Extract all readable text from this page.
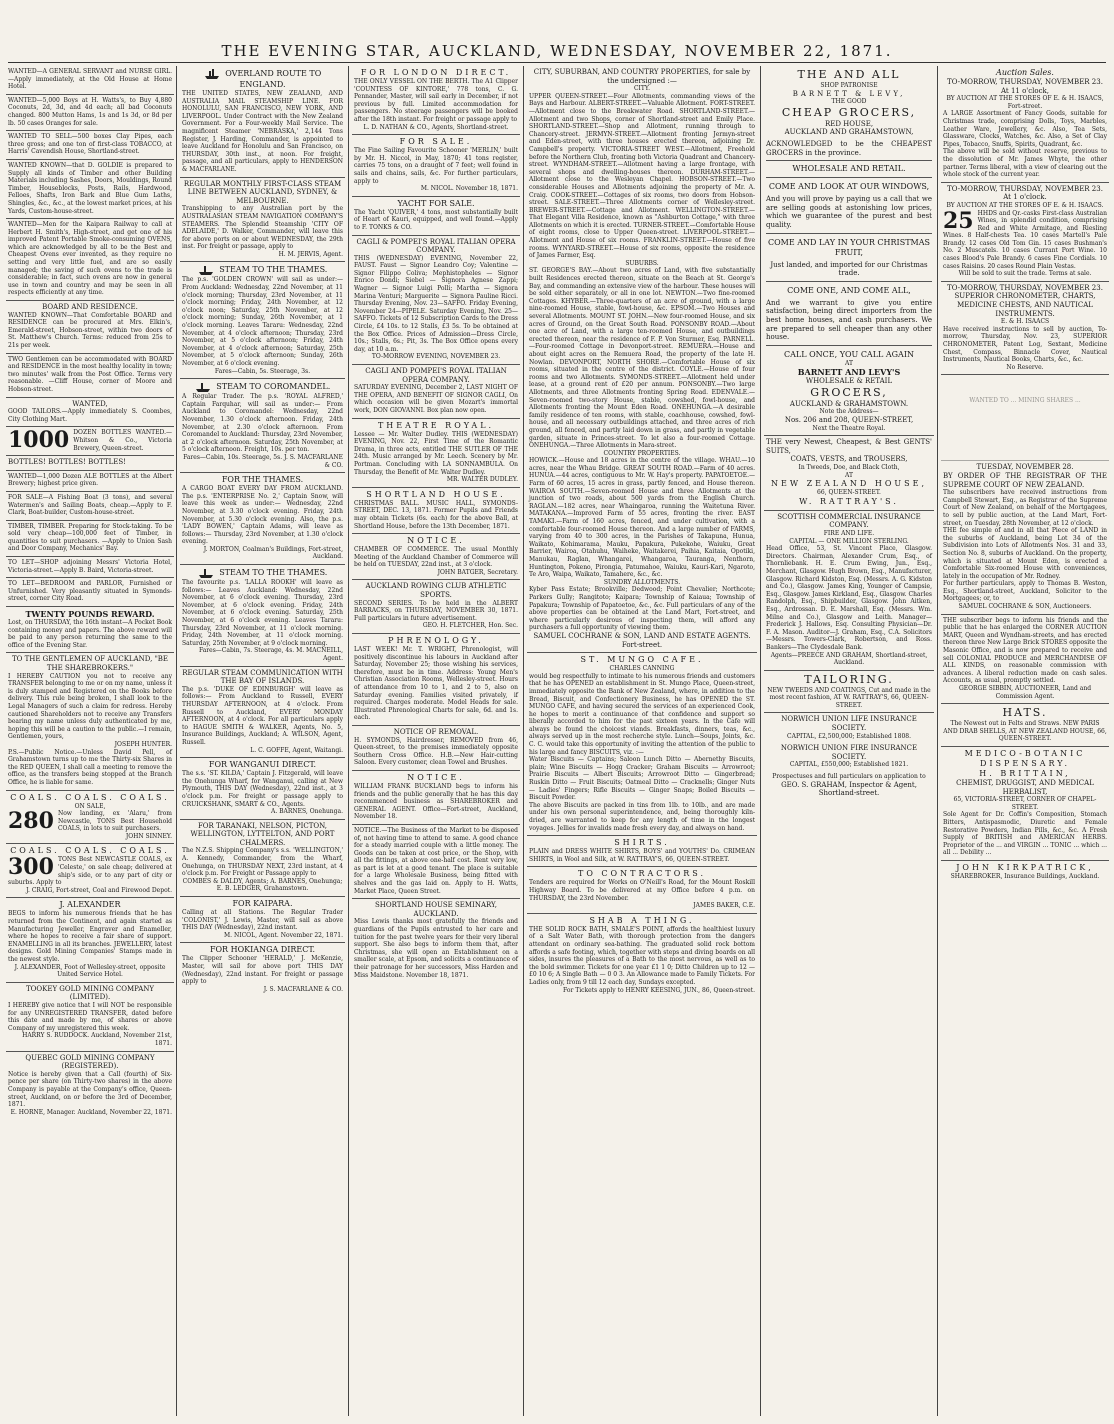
THE EVENING STAR, AUCKLAND, WEDNESDAY, NOVEMBER 22, 1871.
WANTED—A GENERAL SERVANT and NURSE GIRL.—Apply immediately, at the Old House at Home Hotel.
WANTED—5,000 Boys at H. Watts's, to Buy 4,880 Coconuts, 2d, 3d, and 4d each; all bad Coconuts changed. 800 Mutton Hams, 1s and 1s 3d, or 8d per lb. 50 cases Oranges for sale.
WANTED TO SELL—500 boxes Clay Pipes, each three gross; and one ton of first-class TOBACCO, at Harris' Cavendish House, Shortland-street.
WANTED KNOWN—that D. GOLDIE is prepared to Supply all kinds of Timber and other Building Materials including Sashes, Doors, Mouldings, Round Timber, Houseblocks, Posts, Rails, Hardwood, Felloes, Shafts, Iron Bark and Blue Gum Laths, Shingles, &c., &c., at the lowest market prices, at his Yards, Custom-house-street.
WANTED—Men for the Kaipara Railway to call at Herbert H. Smith's, High-street, and get one of his improved Patent Portable Smoke-consuming OVENS, which are acknowledged by all to be the Best and Cheapest Ovens ever invented, as they require no setting and very little fuel, and are so easily managed; the saving of such ovens to the trade is considerable; in fact, such ovens are now in general use in town and country and may be seen in all respects efficiently at any time.
BOARD AND RESIDENCE.
WANTED KNOWN—That Comfortable BOARD and RESIDENCE can be procured at Mrs. Elkin's, Emerald-street, Hobson-street, within two doors of St. Matthew's Church. Terms: reduced from 25s to 21s per week.
TWO Gentlemen can be accommodated with BOARD and RESIDENCE in the most healthy locality in town; two minutes' walk from the Post Office. Terms very reasonable. —Cliff House, corner of Moore and Hobson-street.
WANTED,
GOOD TAILORS.—Apply immediately S. Coombes, City Clothing Mart.
1000 DOZEN BOTTLES WANTED.—Whitson & Co., Victoria Brewery, Queen-street.
BOTTLES! BOTTLES! BOTTLES!
WANTED—1,000 Dozen ALE BOTTLES at the Albert Brewery; highest price given.
FOR SALE—A Fishing Boat (3 tons), and several Watermen's and Sailing Boats, cheap.—Apply to F. Clark, Boat-builder, Custom-house-street.
TIMBER, TIMBER. Preparing for Stock-taking. To be sold very cheap—100,000 feet of Timber, in quantities to suit purchasers. —Apply to Union Sash and Door Company, Mechanics' Bay.
TO LET—SHOP adjoining Messrs' Victoria Hotel, Victoria-street.—Apply B. Baird, Victoria-street.
TO LET—BEDROOM and PARLOR, Furnished or Unfurnished. Very pleasantly situated in Symonds-street, corner City Road.
TWENTY POUNDS REWARD.
Lost, on THURSDAY, the 16th instant—A Pocket Book containing money and papers. The above reward will be paid to any person returning the same to the office of the Evening Star.
TO THE GENTLEMEN OF AUCKLAND, "BE THE SHAREBROKERS."
I HEREBY CAUTION you not to receive any TRANSFER belonging to me or on my name, unless it is duly stamped and Registered on the Books before delivery. This rule being broken, I shall look to the Legal Managers of such a claim for redress. Hereby cautioned Shareholders not to receive any Transfers bearing my name unless duly authenticated by me, hoping this will be a caution to the public.—I remain, Gentlemen, yours,
JOSEPH HUNTER.
P.S.—Public Notice.—Unless David Pell, of Grahamstown turns up to me the Thirty-six Shares in the RED QUEEN, I shall call a meeting to remove the office, as the transfers being stopped at the Branch Office, he is liable for same.
COALS. COALS. COALS.
ON SALE,
280 Now landing, ex 'Alaru,' from Newcastle, TONS Best Household COALS, in lots to suit purchasers.
JOHN SINNEY.
COALS. COALS. COALS.
300 TONS Best NEWCASTLE COALS, ex 'Celeste,' on sale cheap; delivered at ship's side, or to any part of city or suburbs. Apply to
J. CRAIG, Fort-street, Coal and Firewood Depot.
J. ALEXANDER
BEGS to inform his numerous friends that he has returned from the Continent, and again started as Manufacturing Jeweller, Engraver and Enameller, where he hopes to receive a fair share of support. ENAMELLING in all its branches. JEWELLERY, latest designs. Gold Mining Companies' Stamps made in the newest style.
J. ALEXANDER, Foot of Wellesley-street, opposite United Service Hotel.
TOOKEY GOLD MINING COMPANY (LIMITED).
I HEREBY give notice that I will NOT be responsible for any UNREGISTERED TRANSFER, dated before this date and made by me, of shares or above Company of my unregistered this week.
HARRY S. RUDDOCK. Auckland, November 21st, 1871.
QUEBEC GOLD MINING COMPANY (REGISTERED).
Notice is hereby given that a Call (fourth) of Six-pence per share (on Thirty-two shares) in the above Company is payable at the Company's office, Queen-street, Auckland, on or before the 3rd of December, 1871.
E. HORNE, Manager. Auckland, November 22, 1871.
OVERLAND ROUTE TO ENGLAND.
THE UNITED STATES, NEW ZEALAND, AND AUSTRALIA MAIL STEAMSHIP LINE. FOR HONOLULU, SAN FRANCISCO, NEW YORK, AND LIVERPOOL. Under Contract with the New Zealand Government. For a Four-weekly Mail Service. The magnificent Steamer 'NEBRASKA,' 2,144 Tons Register, J. Harding, Commander, is appointed to leave Auckland for Honolulu and San Francisco, on THURSDAY, 30th inst., at noon. For freight, passage, and all particulars, apply to HENDERSON & MACFARLANE.
REGULAR MONTHLY FIRST-CLASS STEAM LINE BETWEEN AUCKLAND, SYDNEY, & MELBOURNE.
Transhipping to any Australian port by the AUSTRALASIAN STEAM NAVIGATION COMPANY'S STEAMERS. The Splendid Steamship 'CITY OF ADELAIDE,' D. Walker, Commander, will leave this for above ports on or about WEDNESDAY, the 29th inst. For freight or passage, apply to
H. M. JERVIS, Agent.
STEAM TO THE THAMES.
The p.s. 'GOLDEN CROWN' will sail as under:— From Auckland: Wednesday, 22nd November, at 11 o'clock morning; Thursday, 23rd November, at 11 o'clock morning; Friday, 24th November, at 12 o'clock noon; Saturday, 25th November, at 12 o'clock morning; Sunday, 26th November, at 1 o'clock morning. Leaves Tararu: Wednesday, 22nd November, at 4 o'clock afternoon; Thursday, 23rd November, at 5 o'clock afternoon; Friday, 24th November, at 4 o'clock afternoon; Saturday, 25th November, at 5 o'clock afternoon; Sunday, 26th November, at 6 o'clock evening.
Fares—Cabin, 5s. Steerage, 3s.
STEAM TO COROMANDEL.
A Regular Trader. The p.s. 'ROYAL ALFRED,' Captain Farquhar, will sail as under:— From Auckland to Coromandel: Wednesday, 22nd November, 1.30 o'clock afternoon. Friday, 24th November, at 2.30 o'clock afternoon. From Coromandel to Auckland: Thursday, 23rd November, at 2 o'clock afternoon. Saturday, 25th November, at 5 o'clock afternoon. Freight, 10s. per ton.
Fares—Cabin, 10s. Steerage, 5s. J. S. MACFARLANE & CO.
FOR THE THAMES.
A CARGO BOAT EVERY DAY FROM AUCKLAND. The p.s. 'ENTERPRISE No. 2,' Captain Snow, will leave this week as under:— Wednesday, 22nd November, at 3.30 o'clock evening. Friday, 24th November, at 5.30 o'clock evening. Also, the p.s. 'LADY BOWEN,' Captain Adams, will leave as follows:— Thursday, 23rd November, at 1.30 o'clock evening.
J. MORTON, Coalman's Buildings, Fort-street, Auckland.
STEAM TO THE THAMES.
The favourite p.s. 'LALLA ROOKH' will leave as follows:— Leaves Auckland: Wednesday, 22nd November, at 6 o'clock evening. Thursday, 23rd November, at 6 o'clock evening. Friday, 24th November, at 6 o'clock evening. Saturday, 25th November, at 6 o'clock evening. Leaves Tararu: Thursday, 23rd November, at 11 o'clock morning. Friday, 24th November, at 11 o'clock morning. Saturday, 25th November, at 9 o'clock morning.
Fares—Cabin, 7s. Steerage, 4s. M. MACNEILL, Agent.
REGULAR STEAM COMMUNICATION WITH THE BAY OF ISLANDS.
The p.s. 'DUKE OF EDINBURGH' will leave as follows:— From Auckland to Russell, EVERY THURSDAY AFTERNOON, at 4 o'clock. From Russell to Auckland, EVERY MONDAY AFTERNOON, at 4 o'clock. For all particulars apply to HAGUE SMITH & WALKER, Agents, No. 5, Insurance Buildings, Auckland; A. WILSON, Agent, Russell.
L. C. GOFFE, Agent, Waitangi.
FOR WANGANUI DIRECT.
The s.s. 'ST. KILDA,' Captain J. Fitzgerald, will leave the Onehunga Wharf, for Wanganui, calling at New Plymouth, THIS DAY (Wednesday), 22nd inst., at 3 o'clock p.m. For freight or passage apply to CRUICKSHANK, SMART & CO., Agents.
A. BARNES, Onehunga.
FOR TARANAKI, NELSON, PICTON, WELLINGTON, LYTTELTON, AND PORT CHALMERS.
The N.Z.S. Shipping Company's s.s. 'WELLINGTON,' A. Kennedy, Commander, from the Wharf, Onehunga, on THURSDAY NEXT, 23rd instant, at 4 o'clock p.m. For Freight or Passage apply to
COMBES & DALDY, Agents; A. BARNES, Onehunga; E. B. LEDGER, Grahamstown.
FOR KAIPARA.
Calling at all Stations. The Regular Trader 'COLONIST,' J. Lewis, Master, will sail as above THIS DAY (Wednesday), 22nd instant.
M. NICOL, Agent. November 22, 1871.
FOR HOKIANGA DIRECT.
The Clipper Schooner 'HERALD,' J. McKenzie, Master, will sail for above port THIS DAY (Wednesday), 22nd instant. For freight or passage apply to
J. S. MACFARLANE & CO.
FOR LONDON DIRECT.
THE ONLY VESSEL ON THE BERTH. The A1 Clipper 'COUNTESS OF KINTORE,' 778 tons, C. G. Pennander, Master, will sail early in December, if not previous by full. Limited accommodation for passengers. No steerage passengers will be booked after the 18th instant. For freight or passage apply to
L. D. NATHAN & CO., Agents, Shortland-street.
FOR SALE.
The Fine Sailing Favourite Schooner 'MERLIN,' built by Mr. H. Niccol, in May, 1870; 41 tons register, carries 75 tons, on a draught of 7 feet; well found in sails and chains, sails, &c. For further particulars, apply to
M. NICOL. November 18, 1871.
YACHT FOR SALE.
The Yacht 'QUIVER,' 4 tons, most substantially built of Heart of Kauri, equipped, and well found.—Apply to F. TONKS & CO.
CAGLI & POMPEI'S ROYAL ITALIAN OPERA COMPANY.
THIS (WEDNESDAY) EVENING, November 22, FAUST. Faust — Signor Leandro Coy; Valentine — Signor Filippo Coliva; Mephistopheles — Signor Enrico Dondi; Siebel — Signora Agnese Zappi; Wagner — Signor Luigi Polli; Martha — Signora Marina Venturi; Marguerite — Signora Pauline Ricci. Thursday Evening, Nov. 23—SAFFO. Friday Evening, November 24—PIPELE. Saturday Evening, Nov. 25—SAFFO. Tickets of 12 Subscription Cards to the Dress Circle, £4 10s. to 12 Stalls, £3 5s. To be obtained at the Box Office. Prices of Admission—Dress Circle, 10s.; Stalls, 6s.; Pit, 3s. The Box Office opens every day, at 10 a.m.
TO-MORROW EVENING, NOVEMBER 23.
CAGLI AND POMPEI'S ROYAL ITALIAN OPERA COMPANY.
SATURDAY EVENING, December 2, LAST NIGHT OF THE OPERA, AND BENEFIT OF SIGNOR CAGLI, On which occasion will be given Mozart's immortal work, DON GIOVANNI. Box plan now open.
THEATRE ROYAL.
Lessee — Mr. Walter Dudley. THIS (WEDNESDAY) EVENING, Nov. 22, First Time of the Romantic Drama, in three acts, entitled THE SUTLER OF THE 24th. Music arranged by Mr. Leech. Scenery by Mr. Portman. Concluding with LA SONNAMBULA. On Thursday, the Benefit of Mr. Walter Dudley.
MR. WALTER DUDLEY.
SHORTLAND HOUSE.
CHRISTMAS BALL. MUSIC HALL, SYMONDS-STREET, DEC. 13, 1871. Former Pupils and Friends may obtain Tickets (6s. each) for the above Ball, at Shortland House, before the 13th December, 1871.
NOTICE.
CHAMBER OF COMMERCE. The usual Monthly Meeting of the Auckland Chamber of Commerce will be held on TUESDAY, 22nd inst., at 3 o'clock.
JOHN BATGER, Secretary.
AUCKLAND ROWING CLUB ATHLETIC SPORTS.
SECOND SERIES. To be held in the ALBERT BARRACKS, on THURSDAY, NOVEMBER 30, 1871. Full particulars in future advertisement.
GEO. H. FLETCHER, Hon. Sec.
PHRENOLOGY.
LAST WEEK! Mr. T. WRIGHT, Phrenologist, will positively discontinue his labours in Auckland after Saturday, November 25; those wishing his services, therefore, must be in time. Address: Young Men's Christian Association Rooms, Wellesley-street. Hours of attendance from 10 to 1, and 2 to 5, also on Saturday evening. Families visited privately, if required. Charges moderate. Model Heads for sale. Illustrated Phrenological Charts for sale, 6d. and 1s. each.
NOTICE OF REMOVAL.
H. SYMONDS, Hairdresser, REMOVED from 46, Queen-street, to the premises immediately opposite Southern Cross Office. H.B.—New Hair-cutting Saloon. Every customer, clean Towel and Brushes.
NOTICE.
WILLIAM FRANK BUCKLAND begs to inform his friends and the public generally that he has this day recommenced business as SHAREBROKER and GENERAL AGENT. Office—Fort-street, Auckland, November 18.
NOTICE.—The Business of the Market to be disposed of, not having time to attend to same. A good chance for a steady married couple with a little money. The Goods can be taken at cost price, or the Shop, with all the fittings, at above one-half cost. Rent very low, as part is let at a good tenant. The place is suitable for a large Wholesale Business, being fitted with shelves and the gas laid on. Apply to H. Watts, Market Place, Queen Street.
SHORTLAND HOUSE SEMINARY, AUCKLAND.
Miss Lewis thanks most gratefully the friends and guardians of the Pupils entrusted to her care and tuition for the past twelve years for their very liberal support. She also begs to inform them that, after Christmas, she will open an Establishment on a smaller scale, at Epsom, and solicits a continuance of their patronage for her successors, Miss Harden and Miss Maidstone. November 18, 1871.
CITY, SUBURBAN, AND COUNTRY PROPERTIES, for sale by the undersigned :—
CITY.
UPPER QUEEN-STREET.—Four Allotments, commanding views of the Bays and Harbour. ALBERT-STREET.—Valuable Allotment. FORT-STREET.—Allotment close to the Breakwater Road. SHORTLAND-STREET.—Allotment and two Shops, corner of Shortland-street and Emily Place. SHORTLAND-STREET.—Shop and Allotment, running through to Chancery-street. JERMYN-STREET.—Allotment fronting Jermyn-street and Eden-street, with three houses erected thereon, adjoining Dr. Campbell's property. VICTORIA-STREET WEST.—Allotment, Freehold before the Northern Club, fronting both Victoria Quadrant and Chancery-street. WYNDHAM-STREET.—Allotment having a large frontage, with several shops and dwelling-houses thereon. DURHAM-STREET.—Allotment close to the Wesleyan Chapel. HOBSON-STREET.—Two considerable Houses and Allotments adjoining the property of Mr. A. Craig. COOK-STREET.—Cottages of six rooms, two doors from Hobson-street. SALE-STREET.—Three Allotments corner of Wellesley-street. BREWER-STREET.—Cottage and Allotment. WELLINGTON-STREET.—That Elegant Villa Residence, known as "Ashburton Cottage," with three Allotments on which it is erected. TURNER-STREET.—Comfortable House of eight rooms, close to Upper Queen-street. LIVERPOOL-STREET.—Allotment and House of six rooms. FRANKLIN-STREET.—House of five rooms. WYNYARD-STREET.—House of six rooms, opposite the residence of James Farmer, Esq.
SUBURBS.
ST. GEORGE'S BAY.—About two acres of Land, with five substantially built Residences erected thereon, situate on the Beach at St. George's Bay, and commanding an extensive view of the harbour. These houses will be sold either separately, or all in one lot. NEWTON.—Two fine-roomed Cottages. KHYBER.—Three-quarters of an acre of ground, with a large nine-roomed House, stable, fowl-house, &c. EPSOM.—Two Houses and several Allotments. MOUNT ST. JOHN.—New four-roomed House, and six acres of Ground, on the Great South Road. PONSONBY ROAD.—About one acre of Land, with a large ten-roomed House, and outbuildings erected thereon, near the residence of F. P. Von Sturmer, Esq. PARNELL.—Four-roomed Cottage in Devonport-street. REMUERA.—House and about eight acres on the Remuera Road, the property of the late H. Nowlan. DEVONPORT, NORTH SHORE.—Comfortable House of six rooms, situated in the centre of the district. COYLE.—House of four rooms and two Allotments. SYMONDS-STREET.—Allotment held under lease, at a ground rent of £20 per annum. PONSONBY.—Two large Allotments, and three Allotments fronting Spring Road. EDENVALE.—Seven-roomed two-story House, stable, cowshed, fowl-house, and Allotments fronting the Mount Eden Road. ONEHUNGA.—A desirable family residence of ten rooms, with stable, coachhouse, cowshed, fowl-house, and all necessary outbuildings attached, and three acres of rich ground, all fenced, and partly laid down in grass, and partly in vegetable garden, situate in Princes-street. To let also a four-roomed Cottage. ONEHUNGA.—Three Allotments in Mara-street.
COUNTRY PROPERTIES.
HOWICK.—House and 18 acres in the centre of the village. WHAU.—10 acres, near the Whau Bridge. GREAT SOUTH ROAD.—Farm of 40 acres. HUNUA.—44 acres, contiguous to Mr. W. Hay's property. PAPATOETOE.—Farm of 60 acres, 15 acres in grass, partly fenced, and House thereon. WAIROA SOUTH.—Seven-roomed House and three Allotments at the junction of two roads, about 500 yards from the English Church. RAGLAN.—182 acres, near Whaingaroa, running the Waitetuna River. MATAKANA.—Improved Farm of 55 acres, fronting the river. EAST TAMAKI.—Farm of 160 acres, fenced, and under cultivation, with a comfortable four-roomed House thereon. And a large number of FARMS, varying from 40 to 300 acres, in the Parishes of Takapuna, Hunua, Waikato, Kohimarama, Mauku, Papakura, Pukekohe, Waiuku, Great Barrier, Wairoa, Otahuhu, Waiheke, Waitakerei, Paihia, Kaitaia, Opotiki, Manukau, Raglan, Whangarei, Whangaroa, Tauranga, Nenthorn, Huntington, Pokeno, Pirongia, Patumahoe, Waiuku, Kauri-Kari, Ngaroto, Te Aro, Waipa, Waikato, Tamahere, &c., &c.
SUNDRY ALLOTMENTS.
Kyber Pass Estate; Brookville; Dedwood; Point Chevalier; Northcote; Parkers Gully; Rangitoto; Kaipara; Township of Kaiaua; Township of Papakura; Township of Papatoetoe, &c., &c. Full particulars of any of the above properties can be obtained at the Land Mart, Fort-street, and where particularly desirous of inspecting them, will afford any purchasers a full opportunity of viewing them.
SAMUEL COCHRANE & SON, LAND AND ESTATE AGENTS. Fort-street.
ST. MUNGO CAFE.
CHARLES CANNING
would beg respectfully to intimate to his numerous friends and customers that he has OPENED an establishment in St. Mungo Place, Queen-street, immediately opposite the Bank of New Zealand, where, in addition to the Bread, Biscuit, and Confectionery Business, he has OPENED the ST. MUNGO CAFE, and having secured the services of an experienced Cook, he hopes to merit a continuance of that confidence and support so liberally accorded to him for the past sixteen years. In the Cafe will always be found the choicest viands. Breakfasts, dinners, teas, &c., always served up in the most recherche style. Lunch—Soups, Joints, &c. C. C. would take this opportunity of inviting the attention of the public to his large and fancy BISCUITS, viz. :—
Water Biscuits — Captains; Saloon Lunch Ditto — Abernethy Biscuits, plain; Wine Biscuits — Hogg Cracker; Graham Biscuits — Arrowroot; Prairie Biscuits — Albert Biscuits; Arrowroot Ditto — Gingerbread; Ruskin Ditto — Fruit Biscuits; Oatmeal Ditto — Cracknells; Ginger Nuts — Ladies' Fingers; Rifle Biscuits — Ginger Snaps; Boiled Biscuits — Biscuit Powder.
The above Biscuits are packed in tins from 1lb. to 10lb., and are made under his own personal superintendence, and, being thoroughly kiln-dried, are warranted to keep for any length of time in the longest voyages. Jellies for invalids made fresh every day, and always on hand.
SHIRTS.
PLAIN and DRESS WHITE SHIRTS, BOYS' and YOUTHS' Do. CRIMEAN SHIRTS, in Wool and Silk, at W. RATTRAY'S, 66, QUEEN-STREET.
TO CONTRACTORS.
Tenders are required for Works on O'Neill's Road, for the Mount Roskill Highway Board. To be delivered at my Office before 4 p.m. on THURSDAY, the 23rd November.
JAMES BAKER, C.E.
SHAB A THING.
THE SOLID ROCK BATH, SMALE'S POINT, affords the healthiest luxury of a Salt Water Bath, with thorough protection from the dangers attendant on ordinary sea-bathing. The graduated solid rock bottom affords a safe footing, which, together with steps and diving boards on all sides, insures the pleasures of a Bath to the most nervous, as well as to the bold swimmer. Tickets for one year £1 1 0; Ditto Children up to 12 — £0 10 6; A Single Bath — 0 0 3. An Allowance made to Family Tickets. For Ladies only, from 9 till 12 each day, Sundays excepted.
For Tickets apply to HENRY KEESING, JUN., 86, Queen-street.
THE AND ALL
SHOP PATRONISE
BARNETT & LEVY,
THE GOOD
CHEAP GROCERS,
RED HOUSE,
AUCKLAND AND GRAHAMSTOWN,
ACKNOWLEDGED to be the CHEAPEST GROCERS in the province.
WHOLESALE AND RETAIL.
COME AND LOOK AT OUR WINDOWS,
And you will prove by paying us a call that we are selling goods at astonishing low prices, which we guarantee of the purest and best quality.
COME AND LAY IN YOUR CHRISTMAS FRUIT,
Just landed, and imported for our Christmas trade.
COME ONE, AND COME ALL,
And we warrant to give you entire satisfaction, being direct importers from the best home houses, and cash purchasers. We are prepared to sell cheaper than any other house.
CALL ONCE, YOU CALL AGAIN
AT
BARNETT AND LEVY'S
WHOLESALE & RETAIL
GROCERS,
AUCKLAND & GRAHAMSTOWN.
Note the Address—
Nos. 206 and 208, QUEEN-STREET,
Next the Theatre Royal.
THE very Newest, Cheapest, & Best GENTS' SUITS,
COATS, VESTS, and TROUSERS,
In Tweeds, Doe, and Black Cloth,
AT
NEW ZEALAND HOUSE,
66, QUEEN-STREET.
W. RATTRAY'S.
SCOTTISH COMMERCIAL INSURANCE COMPANY.
FIRE AND LIFE.
CAPITAL — ONE MILLION STERLING.
Head Office, 53, St. Vincent Place, Glasgow. Directors. Chairman, Alexander Crum, Esq., of Thornliebank. H. E. Crum Ewing, Jun., Esq., Merchant, Glasgow. Hugh Brown, Esq., Manufacturer, Glasgow. Richard Kidston, Esq. (Messrs. A. G. Kidston and Co.), Glasgow. James King, Younger of Campsie, Esq., Glasgow. James Kirkland, Esq., Glasgow. Charles Randolph, Esq., Shipbuilder, Glasgow. John Aitken, Esq., Ardrossan. D. E. Marshall, Esq. (Messrs. Wm. Milne and Co.), Glasgow and Leith. Manager—Frederick J. Hallows, Esq. Consulting Physician—Dr. F. A. Mason. Auditor—J. Graham, Esq., C.A. Solicitors—Messrs. Towers-Clark, Robertson, and Ross. Bankers—The Clydesdale Bank.
Agents—PREECE AND GRAHAM, Shortland-street, Auckland.
TAILORING.
NEW TWEEDS AND COATINGS, Cut and made in the most recent fashion, AT W. RATTRAY'S, 66, QUEEN-STREET.
NORWICH UNION LIFE INSURANCE SOCIETY.
CAPITAL, £2,500,000; Established 1808.
NORWICH UNION FIRE INSURANCE SOCIETY.
CAPITAL, £550,000; Established 1821.
Prospectuses and full particulars on application to
GEO. S. GRAHAM, Inspector & Agent, Shortland-street.
Auction Sales.
TO-MORROW, THURSDAY, NOVEMBER 23. At 11 o'clock,
BY AUCTION AT THE STORES OF E. & H. ISAACS, Fort-street.
A LARGE Assortment of Fancy Goods, suitable for Christmas trade, comprising Dolls, Toys, Marbles, Leather Ware, Jewellery, &c. Also, Tea Sets, Glassware, Clocks, Watches, &c. Also, a Set of Clay Pipes, Tobacco, Snuffs, Spirits, Quadrant, &c.
The above will be sold without reserve, previous to the dissolution of Mr. James Whyte, the other partner. Terms liberal, with a view of clearing out the whole stock of the current year.
TO-MORROW, THURSDAY, NOVEMBER 23. At 1 o'clock.
BY AUCTION AT THE STORES OF E. & H. ISAACS.
25 HHDS and Qr.-casks First-class Australian Wines, in splendid condition, comprising Red and White Armitage, and Riesling Wines. 8 Half-chests Tea. 10 cases Martell's Pale Brandy. 12 cases Old Tom Gin. 15 cases Bushman's No. 2 Muscatels. 10 cases Currant Port Wine. 10 cases Blood's Pale Brandy. 6 cases Fine Cordials. 10 cases Raisins. 20 cases Round Plain Vestas.
Will be sold to suit the trade. Terms at sale.
TO-MORROW, THURSDAY, NOVEMBER 23.
SUPERIOR CHRONOMETER, CHARTS, MEDICINE CHESTS, AND NAUTICAL INSTRUMENTS.
E. & H. ISAACS
Have received instructions to sell by auction, To-morrow, Thursday, Nov. 23, SUPERIOR CHRONOMETER, Patent Log, Sextant, Medicine Chest, Compass, Binnacle Cover, Nautical Instruments, Nautical Books, Charts, &c., &c.
No Reserve.
WANTED TO ... MINING SHARES ...
TUESDAY, NOVEMBER 28.
BY ORDER OF THE REGISTRAR OF THE SUPREME COURT OF NEW ZEALAND.
The subscribers have received instructions from Campbell Stewart, Esq., as Registrar of the Supreme Court of New Zealand, on behalf of the Mortgagees, to sell by public auction, at the Land Mart, Fort-street, on Tuesday, 28th November, at 12 o'clock.
THE fee simple of and in all that Piece of LAND in the suburbs of Auckland, being Lot 34 of the Subdivision into Lots of Allotments Nos. 31 and 33, Section No. 8, suburbs of Auckland. On the property, which is situated at Mount Eden, is erected a Comfortable Six-roomed House with conveniences, lately in the occupation of Mr. Rodney.
For further particulars, apply to Thomas B. Weston, Esq., Shortland-street, Auckland, Solicitor to the Mortgagees; or, to
SAMUEL COCHRANE & SON, Auctioneers.
THE subscriber begs to inform his friends and the public that he has enlarged the CORNER AUCTION MART, Queen and Wyndham-streets, and has erected thereon three New Large Brick STORES opposite the Masonic Office, and is now prepared to receive and sell COLONIAL PRODUCE and MERCHANDISE OF ALL KINDS, on reasonable commission with advances. A liberal reduction made on cash sales. Accounts, as usual, promptly settled.
GEORGE SIBBIN, AUCTIONEER, Land and Commission Agent.
HATS.
The Newest out in Felts and Straws. NEW PARIS AND DRAB SHELLS, AT NEW ZEALAND HOUSE, 66, QUEEN-STREET.
MEDICO-BOTANIC DISPENSARY.
H. BRITTAIN,
CHEMIST, DRUGGIST, AND MEDICAL HERBALIST,
65, VICTORIA-STREET, CORNER OF CHAPEL-STREET.
Sole Agent for Dr. Coffin's Composition, Stomach Bitters, Antispasmodic, Diuretic and Female Restorative Powders, Indian Pills, &c., &c. A Fresh Supply of BRITISH and AMERICAN HERBS. Proprietor of the ... and VIRGIN ... TONIC ... which ... all ... Debility ...
JOHN KIRKPATRICK,
SHAREBROKER, Insurance Buildings, Auckland.
